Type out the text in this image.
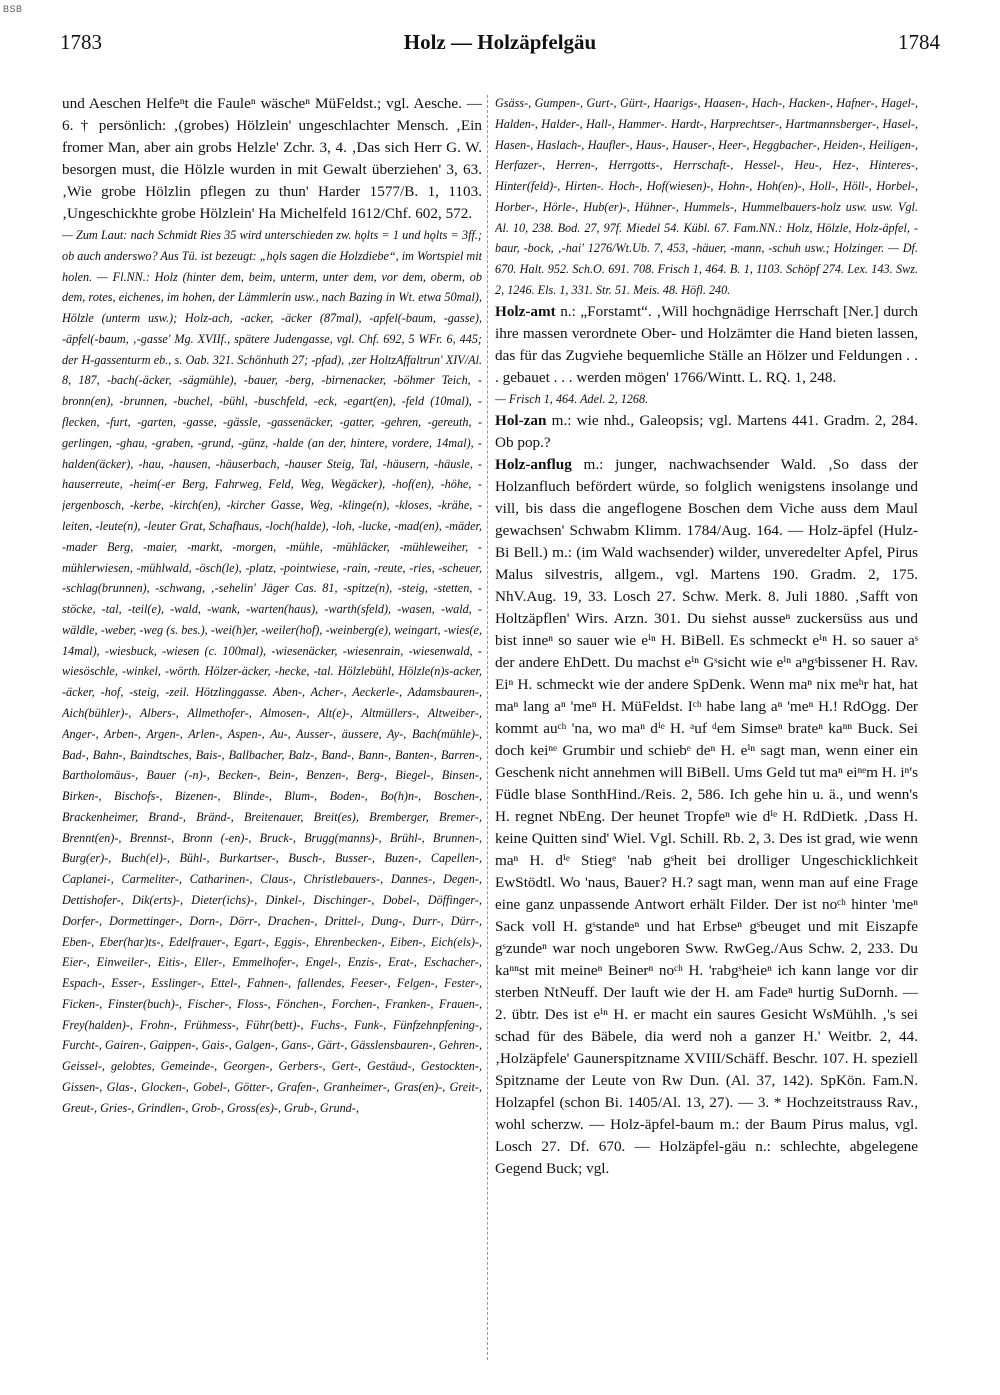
BSB
1783	Holz — Holzäpfelgäu	1784

und Aeschen Helfeⁿt die Fauleⁿ wäscheⁿ MüFeldst.; vgl. Aesche. — 6. † persönlich: ‚(grobes) Hölzlein' ungeschlachter Mensch. ‚Ein fromer Man, aber ain grobs Helzle' Zchr. 3, 4. ‚Das sich Herr G. W. besorgen must, die Hölzle wurden in mit Gewalt überziehen' 3, 63. ‚Wie grobe Hölzlin pflegen zu thun' Harder 1577/B. 1, 1103. ‚Ungeschickhte grobe Hölzlein' Ha Michelfeld 1612/Chf. 602, 572.

— Zum Laut: nach Schmidt Ries 35 wird unterschieden zw. hǫlts = 1 und hǫlts = 3ff.; ob auch anderswo? Aus Tü. ist bezeugt: „hǫls sagen die Holzdiebe“, im Wortspiel mit holen. — Fl.NN.: Holz (hinter dem, beim, unterm, unter dem, vor dem, oberm, ob dem, rotes, eichenes, im hohen, der Lämmlerin usw., nach Bazing in Wt. etwa 50mal), Hölzle (unterm usw.); Holz-ach, -acker, -äcker (87mal), -apfel(-baum, -gasse), -äpfel(-baum, ‚-gasse' Mg. XVIIf., spätere Judengasse, vgl. Chf. 692, 5 WFr. 6, 445; der H-gassenturm eb., s. Oab. 321. Schönhuth 27; -pfad), ‚zer HoltzAffaltrun' XIV/Al. 8, 187, -bach(-äcker, -sägmühle), -bauer, -berg, -birnenacker, -böhmer Teich, -bronn(en), -brunnen, -buchel, -bühl, -buschfeld, -eck, -egart(en), -feld (10mal), -flecken, -furt, -garten, -gasse, -gässle, -gassenäcker, -gatter, -gehren, -gereuth, -gerlingen, -ghau, -graben, -grund, -günz, -halde (an der, hintere, vordere, 14mal), -halden(äcker), -hau, -hausen, -häuserbach, -hauser Steig, Tal, -häusern, -häusle, -hauserreute, -heim(-er Berg, Fahrweg, Feld, Weg, Wegäcker), -hof(en), -höhe, -jergenbosch, -kerbe, -kirch(en), -kircher Gasse, Weg, -klinge(n), -kloses, -krähe, -leiten, -leute(n), -leuter Grat, Schafhaus, -loch(halde), -loh, -lucke, -mad(en), -mäder, -mader Berg, -maier, -markt, -morgen, -mühle, -mühläcker, -mühleweiher, -mühlerwiesen, -mühlwald, -ösch(le), -platz, -pointwiese, -rain, -reute, -ries, -scheuer, -schlag(brunnen), -schwang, ‚-sehelin' Jäger Cas. 81, -spitze(n), -steig, -stetten, -stöcke, -tal, -teil(e), -wald, -wank, -warten(haus), -warth(sfeld), -wasen, -wald, -wäldle, -weber, -weg (s. bes.), -wei(h)er, -weiler(hof), -weinberg(e), weingart, -wies(e, 14mal), -wiesbuck, -wiesen (c. 100mal), -wiesenäcker, -wiesenrain, -wiesenwald, -wiesöschle, -winkel, -wörth. Hölzer-äcker, -hecke, -tal. Hölzlebühl, Hölzle(n)s-acker, -äcker, -hof, -steig, -zeil. Hötzlinggasse. Aben-, Acher-, Aeckerle-, Adamsbauren-, Aich(bühler)-, Albers-, Allmethofer-, Almosen-, Alt(e)-, Altmüllers-, Altweiber-, Anger-, Arben-, Argen-, Arlen-, Aspen-, Au-, Ausser-, äussere, Ay-, Bach(mühle)-, Bad-, Bahn-, Baindtsches, Bais-, Ballbacher, Balz-, Band-, Bann-, Banten-, Barren-, Bartholomäus-, Bauer (-n)-, Becken-, Bein-, Benzen-, Berg-, Biegel-, Binsen-, Birken-, Bischofs-, Bizenen-, Blinde-, Blum-, Boden-, Bo(h)n-, Boschen-, Brackenheimer, Brand-, Bränd-, Breitenauer, Breit(es), Bremberger, Bremer-, Brennt(en)-, Brennst-, Bronn (-en)-, Bruck-, Brugg(manns)-, Brühl-, Brunnen-, Burg(er)-, Buch(el)-, Bühl-, Burkartser-, Busch-, Busser-, Buzen-, Capellen-, Caplanei-, Carmeliter-, Catharinen-, Claus-, Christlebauers-, Dannes-, Degen-, Dettishofer-, Dik(erts)-, Dieter(ichs)-, Dinkel-, Dischinger-, Dobel-, Döffinger-, Dorfer-, Dormettinger-, Dorn-, Dörr-, Drachen-, Drittel-, Dung-, Durr-, Dürr-, Eben-, Eber(har)ts-, Edelfrauer-, Egart-, Eggis-, Ehrenbecken-, Eiben-, Eich(els)-, Eier-, Einweiler-, Eitis-, Eller-, Emmelhofer-, Engel-, Enzis-, Erat-, Eschacher-, Espach-, Esser-, Esslinger-, Ettel-, Fahnen-, fallendes, Feeser-, Felgen-, Fester-, Ficken-, Finster(buch)-, Fischer-, Floss-, Fönchen-, Forchen-, Franken-, Frauen-, Frey(halden)-, Frohn-, Frühmess-, Führ(bett)-, Fuchs-, Funk-, Fünfzehnpfening-, Furcht-, Gairen-, Gaippen-, Gais-, Galgen-, Gans-, Gärt-, Gässlensbauren-, Gehren-, Geissel-, gelobtes, Gemeinde-, Georgen-, Gerbers-, Gert-, Gestäud-, Gestockten-, Gissen-, Glas-, Glocken-, Gobel-, Götter-, Grafen-, Granheimer-, Gras(en)-, Greit-, Greut-, Gries-, Grindlen-, Grob-, Gross(es)-, Grub-, Grund-,

Gsäss-, Gumpen-, Gurt-, Gürt-, Haarigs-, Haasen-, Hach-, Hacken-, Hafner-, Hagel-, Halden-, Halder-, Hall-, Hammer-. Hardt-, Harprechtser-, Hartmannsberger-, Hasel-, Hasen-, Haslach-, Haufler-, Haus-, Hauser-, Heer-, Heggbacher-, Heiden-, Heiligen-, Herfazer-, Herren-, Herrgotts-, Herrschaft-, Hessel-, Heu-, Hez-, Hinteres-, Hinter(feld)-, Hirten-. Hoch-, Hof(wiesen)-, Hohn-, Hoh(en)-, Holl-, Höll-, Horbel-, Horber-, Hörle-, Hub(er)-, Hühner-, Hummels-, Hummelbauers-holz usw. usw. Vgl. Al. 10, 238. Bod. 27, 97f. Miedel 54. Kübl. 67. Fam.NN.: Holz, Hölzle, Holz-äpfel, -baur, -bock, ‚-hai' 1276/Wt.Ub. 7, 453, -häuer, -mann, -schuh usw.; Holzinger. — Df. 670. Halt. 952. Sch.O. 691. 708. Frisch 1, 464. B. 1, 1103. Schöpf 274. Lex. 143. Swz. 2, 1246. Els. 1, 331. Str. 51. Meis. 48. Höfl. 240.

Holz-amt n.: „Forstamt“. ‚Will hochgnädige Herrschaft [Ner.] durch ihre massen verordnete Ober- und Holzämter die Hand bieten lassen, das für das Zugviehe bequemliche Ställe an Hölzer und Feldungen . . . gebauet . . . werden mögen' 1766/Wintt. L. RQ. 1, 248.

— Frisch 1, 464. Adel. 2, 1268.

Hol-zan m.: wie nhd., Galeopsis; vgl. Martens 441. Gradm. 2, 284. Ob pop.?

Holz-anflug m.: junger, nachwachsender Wald. ‚So dass der Holzanfluch befördert würde, so folglich wenigstens insolange und vill, bis dass die angeflogene Boschen dem Viche auss dem Maul gewachsen' Schwabm Klimm. 1784/Aug. 164. — Holz-äpfel (Hulz- Bi Bell.) m.: (im Wald wachsender) wilder, unveredelter Apfel, Pirus Malus silvestris, allgem., vgl. Martens 190. Gradm. 2, 175. NhV.Aug. 19, 33. Losch 27. Schw. Merk. 8. Juli 1880. ‚Safft von Holtzäpflen' Wirs. Arzn. 301. Du siehst ausseⁿ zuckersüss aus und bist inneⁿ so sauer wie eⁱⁿ H. BiBell. Es schmeckt eⁱⁿ H. so sauer aˢ der andere EhDett. Du machst eⁱⁿ Gˢsicht wie eⁱⁿ aⁿgˢbissener H. Rav. Eiⁿ H. schmeckt wie der andere SpDenk. Wenn maⁿ nix meʰr hat, hat maⁿ lang aⁿ 'meⁿ H. MüFeldst. Iᶜʰ habe lang aⁿ 'meⁿ H.! RdOgg. Der kommt auᶜʰ 'na, wo maⁿ dⁱᵉ H. ᵃuf ᵈem Simseⁿ brateⁿ kaⁿⁿ Buck. Sei doch keiⁿᵉ Grumbir und schiebᵉ deⁿ H. eⁱⁿ sagt man, wenn einer ein Geschenk nicht annehmen will BiBell. Ums Geld tut maⁿ eiⁿᵉm H. iⁿ's Füdle blase SonthHind./Reis. 2, 586. Ich gehe hin u. ä., und wenn's H. regnet NbEng. Der heunet Tropfeⁿ wie dⁱᵉ H. RdDietk. ‚Dass H. keine Quitten sind' Wiel. Vgl. Schill. Rb. 2, 3. Des ist grad, wie wenn maⁿ H. dⁱᵉ Stiegᵉ 'nab gˢheit bei drolliger Ungeschicklichkeit EwStödtl. Wo 'naus, Bauer? H.? sagt man, wenn man auf eine Frage eine ganz unpassende Antwort erhält Filder. Der ist noᶜʰ hinter 'meⁿ Sack voll H. gˢstandeⁿ und hat Erbseⁿ gˢbeuget und mit Eiszapfe gˢzundeⁿ war noch ungeboren Sww. RwGeg./Aus Schw. 2, 233. Du kaⁿⁿst mit meineⁿ Beinerⁿ noᶜʰ H. 'rabgˢheieⁿ ich kann lange vor dir sterben NtNeuff. Der lauft wie der H. am Fadeⁿ hurtig SuDornh. — 2. übtr. Des ist eⁱⁿ H. er macht ein saures Gesicht WsMühlh. ‚'s sei schad für des Bäbele, dia werd noh a ganzer H.' Weitbr. 2, 44. ‚Holzäpfele' Gaunerspitzname XVIII/Schäff. Beschr. 107. H. speziell Spitzname der Leute von Rw Dun. (Al. 37, 142). SpKön. Fam.N. Holzapfel (schon Bi. 1405/Al. 13, 27). — 3. * Hochzeitstrauss Rav., wohl scherzw. — Holz-äpfel-baum m.: der Baum Pirus malus, vgl. Losch 27. Df. 670. — Holzäpfel-gäu n.: schlechte, abgelegene Gegend Buck; vgl.
